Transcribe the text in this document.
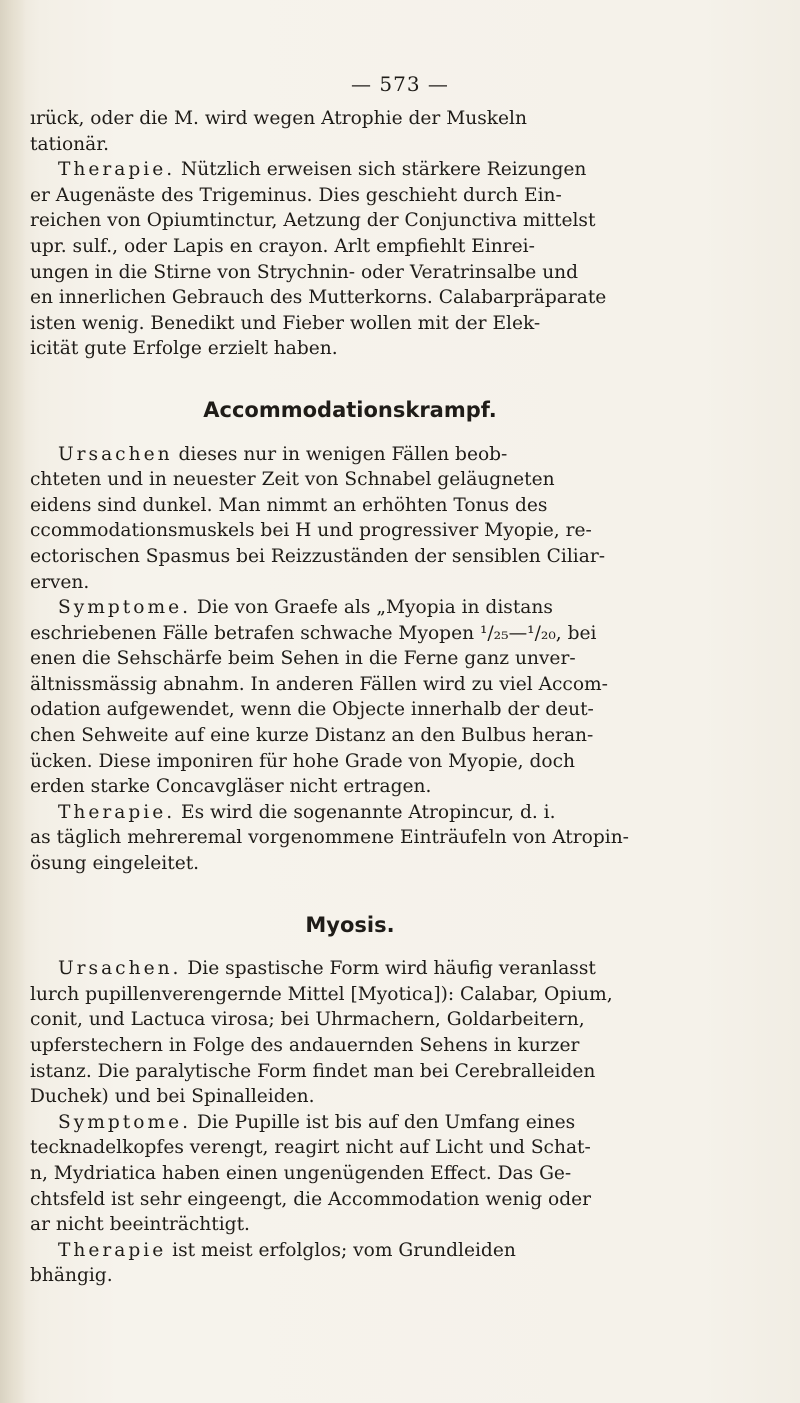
— 573 —

ırück, oder die M. wird wegen Atrophie der Muskeln
tationär.

Therapie. Nützlich erweisen sich stärkere Reizungen

er Augenäste des Trigeminus. Dies geschieht durch Ein-
reichen von Opiumtinctur, Aetzung der Conjunctiva mittelst
upr. sulf., oder Lapis en crayon. Arlt empfiehlt Einrei-
ungen in die Stirne von Strychnin- oder Veratrinsalbe und
en innerlichen Gebrauch des Mutterkorns. Calabarpräparate
isten wenig. Benedikt und Fieber wollen mit der Elek-
icität gute Erfolge erzielt haben.

Accommodationskrampf.

Ursachen dieses nur in wenigen Fällen beob-

chteten und in neuester Zeit von Schnabel geläugneten
eidens sind dunkel. Man nimmt an erhöhten Tonus des
ccommodationsmuskels bei H und progressiver Myopie, re-
ectorischen Spasmus bei Reizzuständen der sensiblen Ciliar-
erven.

Symptome. Die von Graefe als „Myopia in distans

eschriebenen Fälle betrafen schwache Myopen ¹/₂₅—¹/₂₀, bei
enen die Sehschärfe beim Sehen in die Ferne ganz unver-
ältnissmässig abnahm. In anderen Fällen wird zu viel Accom-
odation aufgewendet, wenn die Objecte innerhalb der deut-
chen Sehweite auf eine kurze Distanz an den Bulbus heran-
ücken. Diese imponiren für hohe Grade von Myopie, doch
erden starke Concavgläser nicht ertragen.

Therapie. Es wird die sogenannte Atropincur, d. i.

as täglich mehreremal vorgenommene Einträufeln von Atropin-
ösung eingeleitet.

Myosis.

Ursachen. Die spastische Form wird häufig veranlasst

lurch pupillenverengernde Mittel [Myotica]): Calabar, Opium,
conit, und Lactuca virosa; bei Uhrmachern, Goldarbeitern,
upferstechern in Folge des andauernden Sehens in kurzer
istanz. Die paralytische Form findet man bei Cerebralleiden
Duchek) und bei Spinalleiden.

Symptome. Die Pupille ist bis auf den Umfang eines

tecknadelkopfes verengt, reagirt nicht auf Licht und Schat-
n, Mydriatica haben einen ungenügenden Effect. Das Ge-
chtsfeld ist sehr eingeengt, die Accommodation wenig oder
ar nicht beeinträchtigt.

Therapie ist meist erfolglos; vom Grundleiden

bhängig.
